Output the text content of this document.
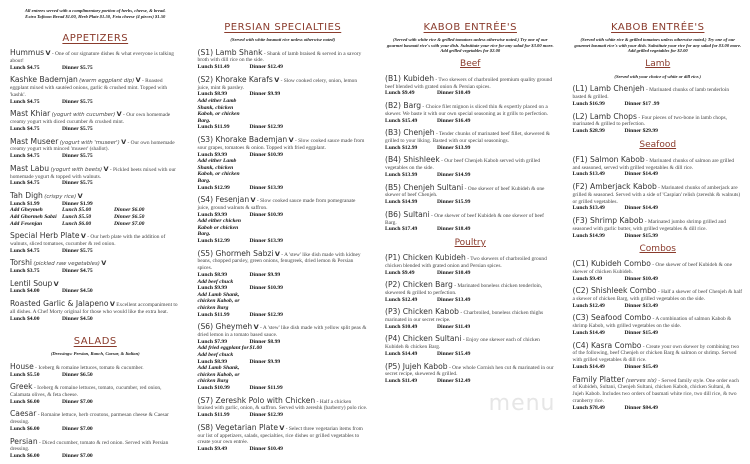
All entrees served with a complimentary portion of herbs, cheese, & bread.
Extra Taftoon Bread $1.00, Herb Plate $1.50, Feta cheese (4 pieces) $1.50
APPETIZERS
Hummus V - One of our signature dishes & what everyone is talking about!
Lunch $4.75	Dinner $5.75
Kashke Bademjan (warm eggplant dip) V - Roasted eggplant mixed with sautéed onions, garlic & crushed mint. Topped with 'kashk'.
Lunch $4.75	Dinner $5.75
Mast Khiar (yogurt with cucumber) V - Our own homemade creamy yogurt with diced cucumber & crushed mint.
Lunch $4.75	Dinner $5.75
Mast Museer (yogurt with 'museer') V - Our own homemade creamy yogurt with minced 'museer' (shallot).
Lunch $4.75	Dinner $5.75
Mast Labu (yogurt with beets) V - Pickled beets mixed with our homemade yogurt & topped with walnuts.
Lunch $4.75	Dinner $5.75
Tah Digh (crispy rice) V
Lunch $1.99	Dinner $1.99
Add Gheymeh	Lunch $5.00	Dinner $6.00
Add Ghormeh Sabzi Lunch $5.50	Dinner $6.50
Add Fesenjan	Lunch $6.00	Dinner $7.00
Special Herb Plate V - Our herb plate with the addition of walnuts, sliced tomatoes, cucumber & red onion.
Lunch $4.75	Dinner $5.75
Torshi (pickled raw vegetables) V
Lunch $3.75	Dinner $4.75
Lentil Soup V
Lunch $4.00	Dinner $4.50
Roasted Garlic & Jalapeno V Excellent accompaniment to all dishes. A Chef Morty original for those who would like the extra heat.
Lunch $4.00	Dinner $4.50
SALADS
(Dressings: Persian, Ranch, Caesar, & Italian)
House - Iceberg & romaine lettuces, tomato & cucumber.
Lunch $5.50	Dinner $6.50
Greek - Iceberg & romaine lettuces, tomato, cucumber, red onion, Calamata olives, & feta cheese.
Lunch $6.00	Dinner $7.00
Caesar - Romaine lettuce, herb croutons, parmesan cheese & Caesar dressing.
Lunch $6.00	Dinner $7.00
Persian - Diced cucumber, tomato & red onion. Served with Persian dressing.
Lunch $6.00	Dinner $7.00
PERSIAN SPECIALTIES
(Served with white basmati rice unless otherwise noted)
(S1) Lamb Shank - Shank of lamb braised & served in a savory broth with dill rice on the side.
Lunch $11.49	Dinner $12.49
(S2) Khorake Karafs V - Slow cooked celery, onion, lemon juice, mint & parsley.
Lunch $8.99	Dinner $9.99
Add either Lamb Shank, chicken Kabob, or chicken Barg.
Lunch $11.99	Dinner $12.99
(S3) Khorake Bademjan V - Slow cooked sauce made from sour grapes, tomatoes & onion. Topped with fried eggplant.
Lunch $9.99	Dinner $10.99
Add either Lamb Shank, chicken Kabob, or chicken Barg.
Lunch $12.99	Dinner $13.99
(S4) Fesenjan V - Slow cooked sauce made from pomegranate juice, ground walnuts & saffron.
Lunch $9.99	Dinner $10.99
Add either chicken Kabob or chicken Barg.
Lunch $12.99	Dinner $13.99
(S5) Ghormeh Sabzi V - A 'stew' like dish made with kidney beans, chopped parsley, green onions, fenugreek, dried lemon & Persian spices.
Lunch $8.99	Dinner $9.99
Add beef chuck
Lunch $9.99	Dinner $10.99
Add Lamb Shank, chicken Kabob, or chicken Barg
Lunch $11.99	Dinner $12.99
(S6) Gheymeh V - A 'stew' like dish made with yellow split peas & dried lemon in a tomato based sauce.
Lunch $7.99	Dinner $8.99
Add fried eggplant for $1.00
Add beef chuck
Lunch $8.99	Dinner $9.99
Add Lamb Shank, chicken Kabob, or chicken Barg
Lunch $10.99	Dinner $11.99
(S7) Zereshk Polo with Chicken - Half a chicken braised with garlic, onion, & saffron. Served with zereshk (barberry) polo rice.
Lunch $11.99	Dinner $12.99
(S8) Vegetarian Plate V - Select three vegetarian items from our list of appetizers, salads, specialties, rice dishes or grilled vegetables to create your own entrée.
Lunch $9.49	Dinner $10.49
KABOB ENTRÉE'S
(Served with white rice & grilled tomatoes unless otherwise noted.) Try one of our gourmet basmati rice's with your dish. Substitute your rice for any salad for $3.00 more. Add grilled vegetables for $2.00
Beef
(B1) Kubideh - Two skewers of charbroiled premium quality ground beef blended with grated onion & Persian spices.
Lunch $9.49	Dinner $10.49
(B2) Barg - Choice filet mignon is sliced thin & expertly placed on a skewer. We baste it with our own special seasoning as it grills to perfection.
Lunch $15.49	Dinner $16.49
(B3) Chenjeh - Tender chunks of marinated beef fillet, skewered & grilled to your liking. Basted with our special seasonings.
Lunch $12.99	Dinner $13.99
(B4) Shishleek - Our beef Chenjeh Kabob served with grilled vegetables on the side.
Lunch $13.99	Dinner $14.99
(B5) Chenjeh Sultani - One skewer of beef Kubideh & one skewer of beef Chenjeh.
Lunch $14.99	Dinner $15.99
(B6) Sultani - One skewer of beef Kubideh & one skewer of beef Barg.
Lunch $17.49	Dinner $18.49
Poultry
(P1) Chicken Kubideh - Two skewers of charbroiled ground chicken blended with grated onion and Persian spices.
Lunch $9.49	Dinner $10.49
(P2) Chicken Barg - Marinated boneless chicken tenderloin, skewered & grilled to perfection.
Lunch $12.49	Dinner $13.49
(P3) Chicken Kabob - Charbroiled, boneless chicken thighs marinated in our secret recipe.
Lunch $10.49	Dinner $11.49
(P4) Chicken Sultani - Enjoy one skewer each of chicken Kubideh & chicken Barg.
Lunch $14.49	Dinner $15.49
(P5) Jujeh Kabob - One whole Cornish hen cut & marinated in our secret recipe, skewered & grilled.
Lunch $11.49	Dinner $12.49
menu
KABOB ENTRÉE'S
(Served with white rice & grilled tomatoes unless otherwise noted.) Try one of our gourmet basmati rice's with your dish. Substitute your rice for any salad for $3.00 more. Add grilled vegetables for $2.00
Lamb
(Served with your choice of white or dill rice.)
(L1) Lamb Chenjeh - Marinated chunks of lamb tenderloin basted & grilled.
Lunch $16.99	Dinner $17 .99
(L2) Lamb Chops - Four pieces of two-bone in lamb chops, marinated & grilled to perfection.
Lunch $28.99	Dinner $29.99
Seafood
(F1) Salmon Kabob - Marinated chunks of salmon are grilled and seasoned, served with grilled vegetables & dill rice.
Lunch $13.49	Dinner $14.49
(F2) Amberjack Kabob - Marinated chunks of amberjack are grilled & seasoned. Served with a side of 'Caspian' relish (zereshk & walnuts) or grilled vegetables.
Lunch $13.49	Dinner $14.49
(F3) Shrimp Kabob - Marinated jumbo shrimp grilled and seasoned with garlic butter, with grilled vegetables & dill rice.
Lunch $14.99	Dinner $15.99
Combos
(C1) Kubideh Combo - One skewer of beef Kubideh & one skewer of chicken Kubideh.
Lunch $9.49	Dinner $10.49
(C2) Shishleek Combo - Half a skewer of beef Chenjeh & half a skewer of chicken Barg, with grilled vegetables on the side.
Lunch $12.49	Dinner $13.49
(C3) Seafood Combo - A combination of salmon Kabob & shrimp Kabob, with grilled vegetables on the side.
Lunch $14.49	Dinner $15.49
(C4) Kasra Combo - Create your own skewer by combining two of the following, beef Chenjeh or chicken Barg & salmon or shrimp. Served with grilled vegetables & dill rice.
Lunch $14.49	Dinner $15.49
Family Platter (serves six) - Served family style. One order each of Kubideh, Sultani, Chenjeh Sultani, chicken Kabob, chicken Sultani, & Jujeh Kabob. Includes two orders of basmati white rice, two dill rice, & two cranberry rice.
Lunch $78.49	Dinner $84.49
